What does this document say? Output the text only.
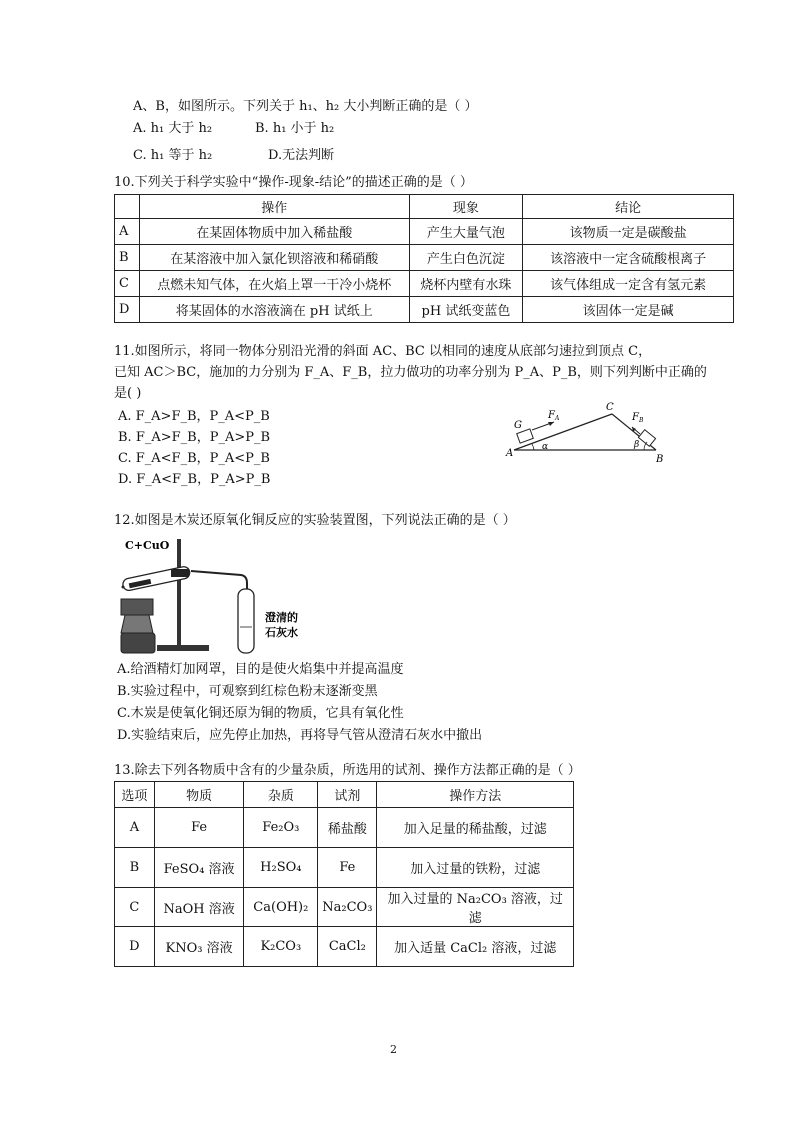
A、B，如图所示。下列关于 h₁、h₂ 大小判断正确的是（ ）
A. h₁ 大于 h₂	B. h₁ 小于 h₂
C. h₁ 等于 h₂	D.无法判断
10.下列关于科学实验中“操作-现象-结论”的描述正确的是（ ）
	操作	现象	结论
A	在某固体物质中加入稀盐酸	产生大量气泡	该物质一定是碳酸盐
B	在某溶液中加入氯化钡溶液和稀硝酸	产生白色沉淀	该溶液中一定含硫酸根离子
C	点燃未知气体，在火焰上罩一干冷小烧杯	烧杯内壁有水珠	该气体组成一定含有氢元素
D	将某固体的水溶液滴在 pH 试纸上	pH 试纸变蓝色	该固体一定是碱
11.如图所示，将同一物体分别沿光滑的斜面 AC、BC 以相同的速度从底部匀速拉到顶点 C，
已知 AC＞BC，施加的力分别为 F_A、F_B，拉力做功的功率分别为 P_A、P_B，则下列判断中正确的
是( )
A. F_A>F_B，P_A<P_B
B. F_A>F_B，P_A>P_B
C. F_A<F_B，P_A<P_B
D. F_A<F_B，P_A>P_B
A
B
C
G
$F_A$	$F_B$
α	β
12.如图是木炭还原氧化铜反应的实验装置图，下列说法正确的是（ ）
C+CuO
澄清的
石灰水
A.给酒精灯加网罩，目的是使火焰集中并提高温度
B.实验过程中，可观察到红棕色粉末逐渐变黑
C.木炭是使氧化铜还原为铜的物质，它具有氧化性
D.实验结束后，应先停止加热，再将导气管从澄清石灰水中撤出
13.除去下列各物质中含有的少量杂质，所选用的试剂、操作方法都正确的是（ ）
选项	物质	杂质	试剂	操作方法
A	Fe	Fe₂O₃	稀盐酸	加入足量的稀盐酸，过滤
B	FeSO₄ 溶液	H₂SO₄	Fe	加入过量的铁粉，过滤
C	NaOH 溶液	Ca(OH)₂	Na₂CO₃	加入过量的 Na₂CO₃ 溶液，过滤
D	KNO₃ 溶液	K₂CO₃	CaCl₂	加入适量 CaCl₂ 溶液，过滤
2
